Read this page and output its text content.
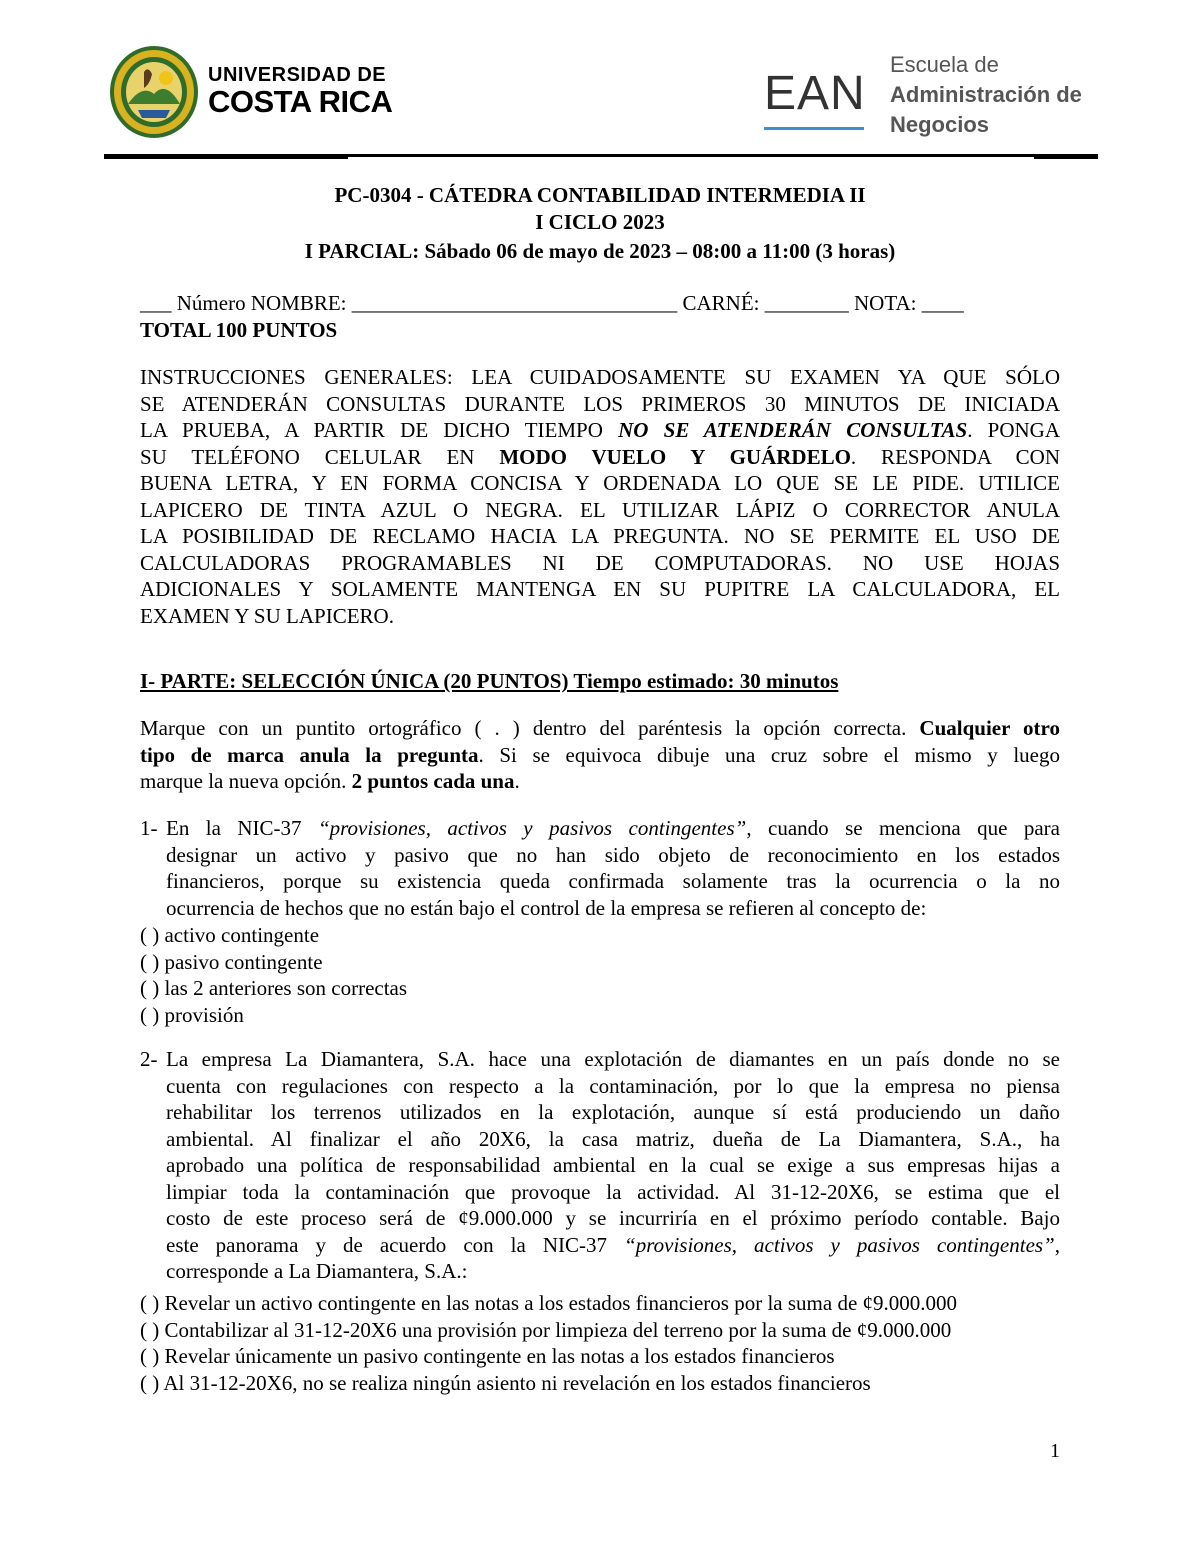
UNIVERSIDAD DE
COSTA RICA	EAN
Escuela de
Administración de
Negocios
PC-0304 - CÁTEDRA CONTABILIDAD INTERMEDIA II
I CICLO 2023
I PARCIAL: Sábado 06 de mayo de 2023 – 08:00 a 11:00 (3 horas)
___ Número NOMBRE: _______________________________ CARNÉ: ________ NOTA: ____
TOTAL 100 PUNTOS
INSTRUCCIONES GENERALES: LEA CUIDADOSAMENTE SU EXAMEN YA QUE SÓLO
SE ATENDERÁN CONSULTAS DURANTE LOS PRIMEROS 30 MINUTOS DE INICIADA
LA PRUEBA, A PARTIR DE DICHO TIEMPO NO SE ATENDERÁN CONSULTAS. PONGA
SU TELÉFONO CELULAR EN MODO VUELO Y GUÁRDELO. RESPONDA CON
BUENA LETRA, Y EN FORMA CONCISA Y ORDENADA LO QUE SE LE PIDE. UTILICE
LAPICERO DE TINTA AZUL O NEGRA. EL UTILIZAR LÁPIZ O CORRECTOR ANULA
LA POSIBILIDAD DE RECLAMO HACIA LA PREGUNTA. NO SE PERMITE EL USO DE
CALCULADORAS PROGRAMABLES NI DE COMPUTADORAS. NO USE HOJAS
ADICIONALES Y SOLAMENTE MANTENGA EN SU PUPITRE LA CALCULADORA, EL
EXAMEN Y SU LAPICERO.
I- PARTE: SELECCIÓN ÚNICA (20 PUNTOS) Tiempo estimado: 30 minutos
Marque con un puntito ortográfico ( . ) dentro del paréntesis la opción correcta. Cualquier otro
tipo de marca anula la pregunta. Si se equivoca dibuje una cruz sobre el mismo y luego
marque la nueva opción. 2 puntos cada una.
1- En la NIC-37 “provisiones, activos y pasivos contingentes”, cuando se menciona que para
designar un activo y pasivo que no han sido objeto de reconocimiento en los estados
financieros, porque su existencia queda confirmada solamente tras la ocurrencia o la no
ocurrencia de hechos que no están bajo el control de la empresa se refieren al concepto de:
( ) activo contingente
( ) pasivo contingente
( ) las 2 anteriores son correctas
( ) provisión
2- La empresa La Diamantera, S.A. hace una explotación de diamantes en un país donde no se
cuenta con regulaciones con respecto a la contaminación, por lo que la empresa no piensa
rehabilitar los terrenos utilizados en la explotación, aunque sí está produciendo un daño
ambiental. Al finalizar el año 20X6, la casa matriz, dueña de La Diamantera, S.A., ha
aprobado una política de responsabilidad ambiental en la cual se exige a sus empresas hijas a
limpiar toda la contaminación que provoque la actividad. Al 31-12-20X6, se estima que el
costo de este proceso será de ¢9.000.000 y se incurriría en el próximo período contable. Bajo
este panorama y de acuerdo con la NIC-37 “provisiones, activos y pasivos contingentes”,
corresponde a La Diamantera, S.A.:
( ) Revelar un activo contingente en las notas a los estados financieros por la suma de ¢9.000.000
( ) Contabilizar al 31-12-20X6 una provisión por limpieza del terreno por la suma de ¢9.000.000
( ) Revelar únicamente un pasivo contingente en las notas a los estados financieros
( ) Al 31-12-20X6, no se realiza ningún asiento ni revelación en los estados financieros
1
